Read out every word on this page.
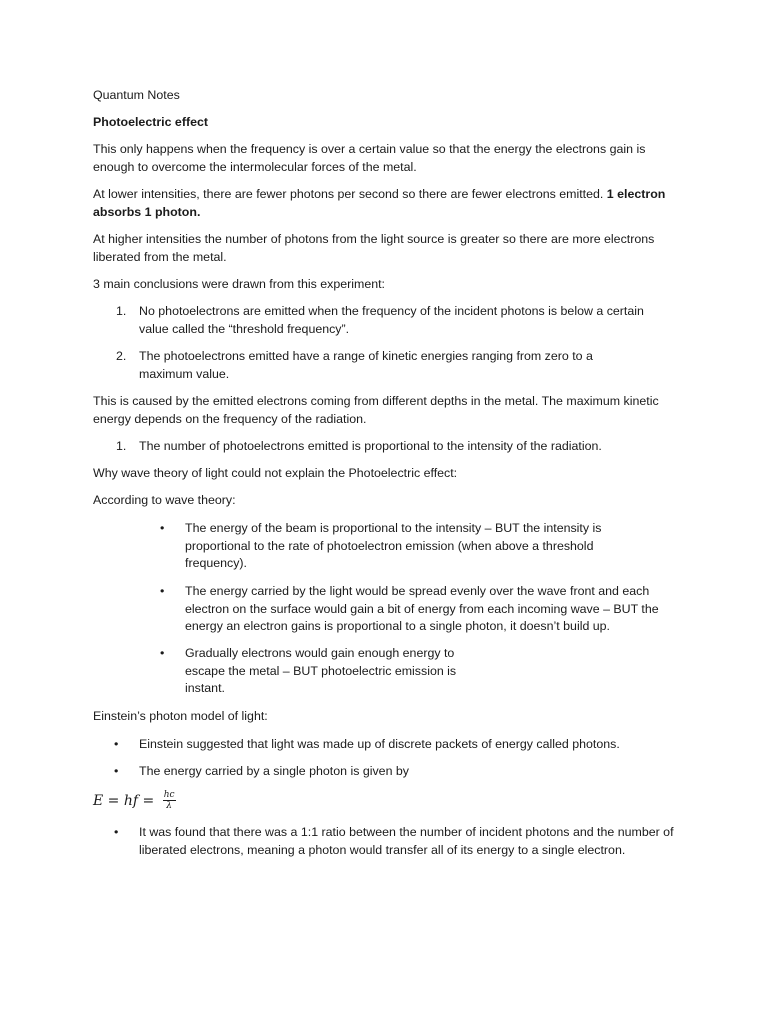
Quantum Notes

Photoelectric effect

This only happens when the frequency is over a certain value so that the energy the electrons gain is enough to overcome the intermolecular forces of the metal.

At lower intensities, there are fewer photons per second so there are fewer electrons emitted. 1 electron absorbs 1 photon.

At higher intensities the number of photons from the light source is greater so there are more electrons liberated from the metal.

3 main conclusions were drawn from this experiment:

1. No photoelectrons are emitted when the frequency of the incident photons is below a certain value called the “threshold frequency”.
2. The photoelectrons emitted have a range of kinetic energies ranging from zero to a maximum value.

This is caused by the emitted electrons coming from different depths in the metal. The maximum kinetic energy depends on the frequency of the radiation.

1. The number of photoelectrons emitted is proportional to the intensity of the radiation.

Why wave theory of light could not explain the Photoelectric effect:

According to wave theory:

• The energy of the beam is proportional to the intensity – BUT the intensity is proportional to the rate of photoelectron emission (when above a threshold frequency).
• The energy carried by the light would be spread evenly over the wave front and each electron on the surface would gain a bit of energy from each incoming wave – BUT the energy an electron gains is proportional to a single photon, it doesn’t build up.
• Gradually electrons would gain enough energy to escape the metal – BUT photoelectric emission is instant.

Einstein’s photon model of light:

• Einstein suggested that light was made up of discrete packets of energy called photons.
• The energy carried by a single photon is given by
E = hf = $\frac{hc}{\lambda}$
• It was found that there was a 1:1 ratio between the number of incident photons and the number of liberated electrons, meaning a photon would transfer all of its energy to a single electron.
